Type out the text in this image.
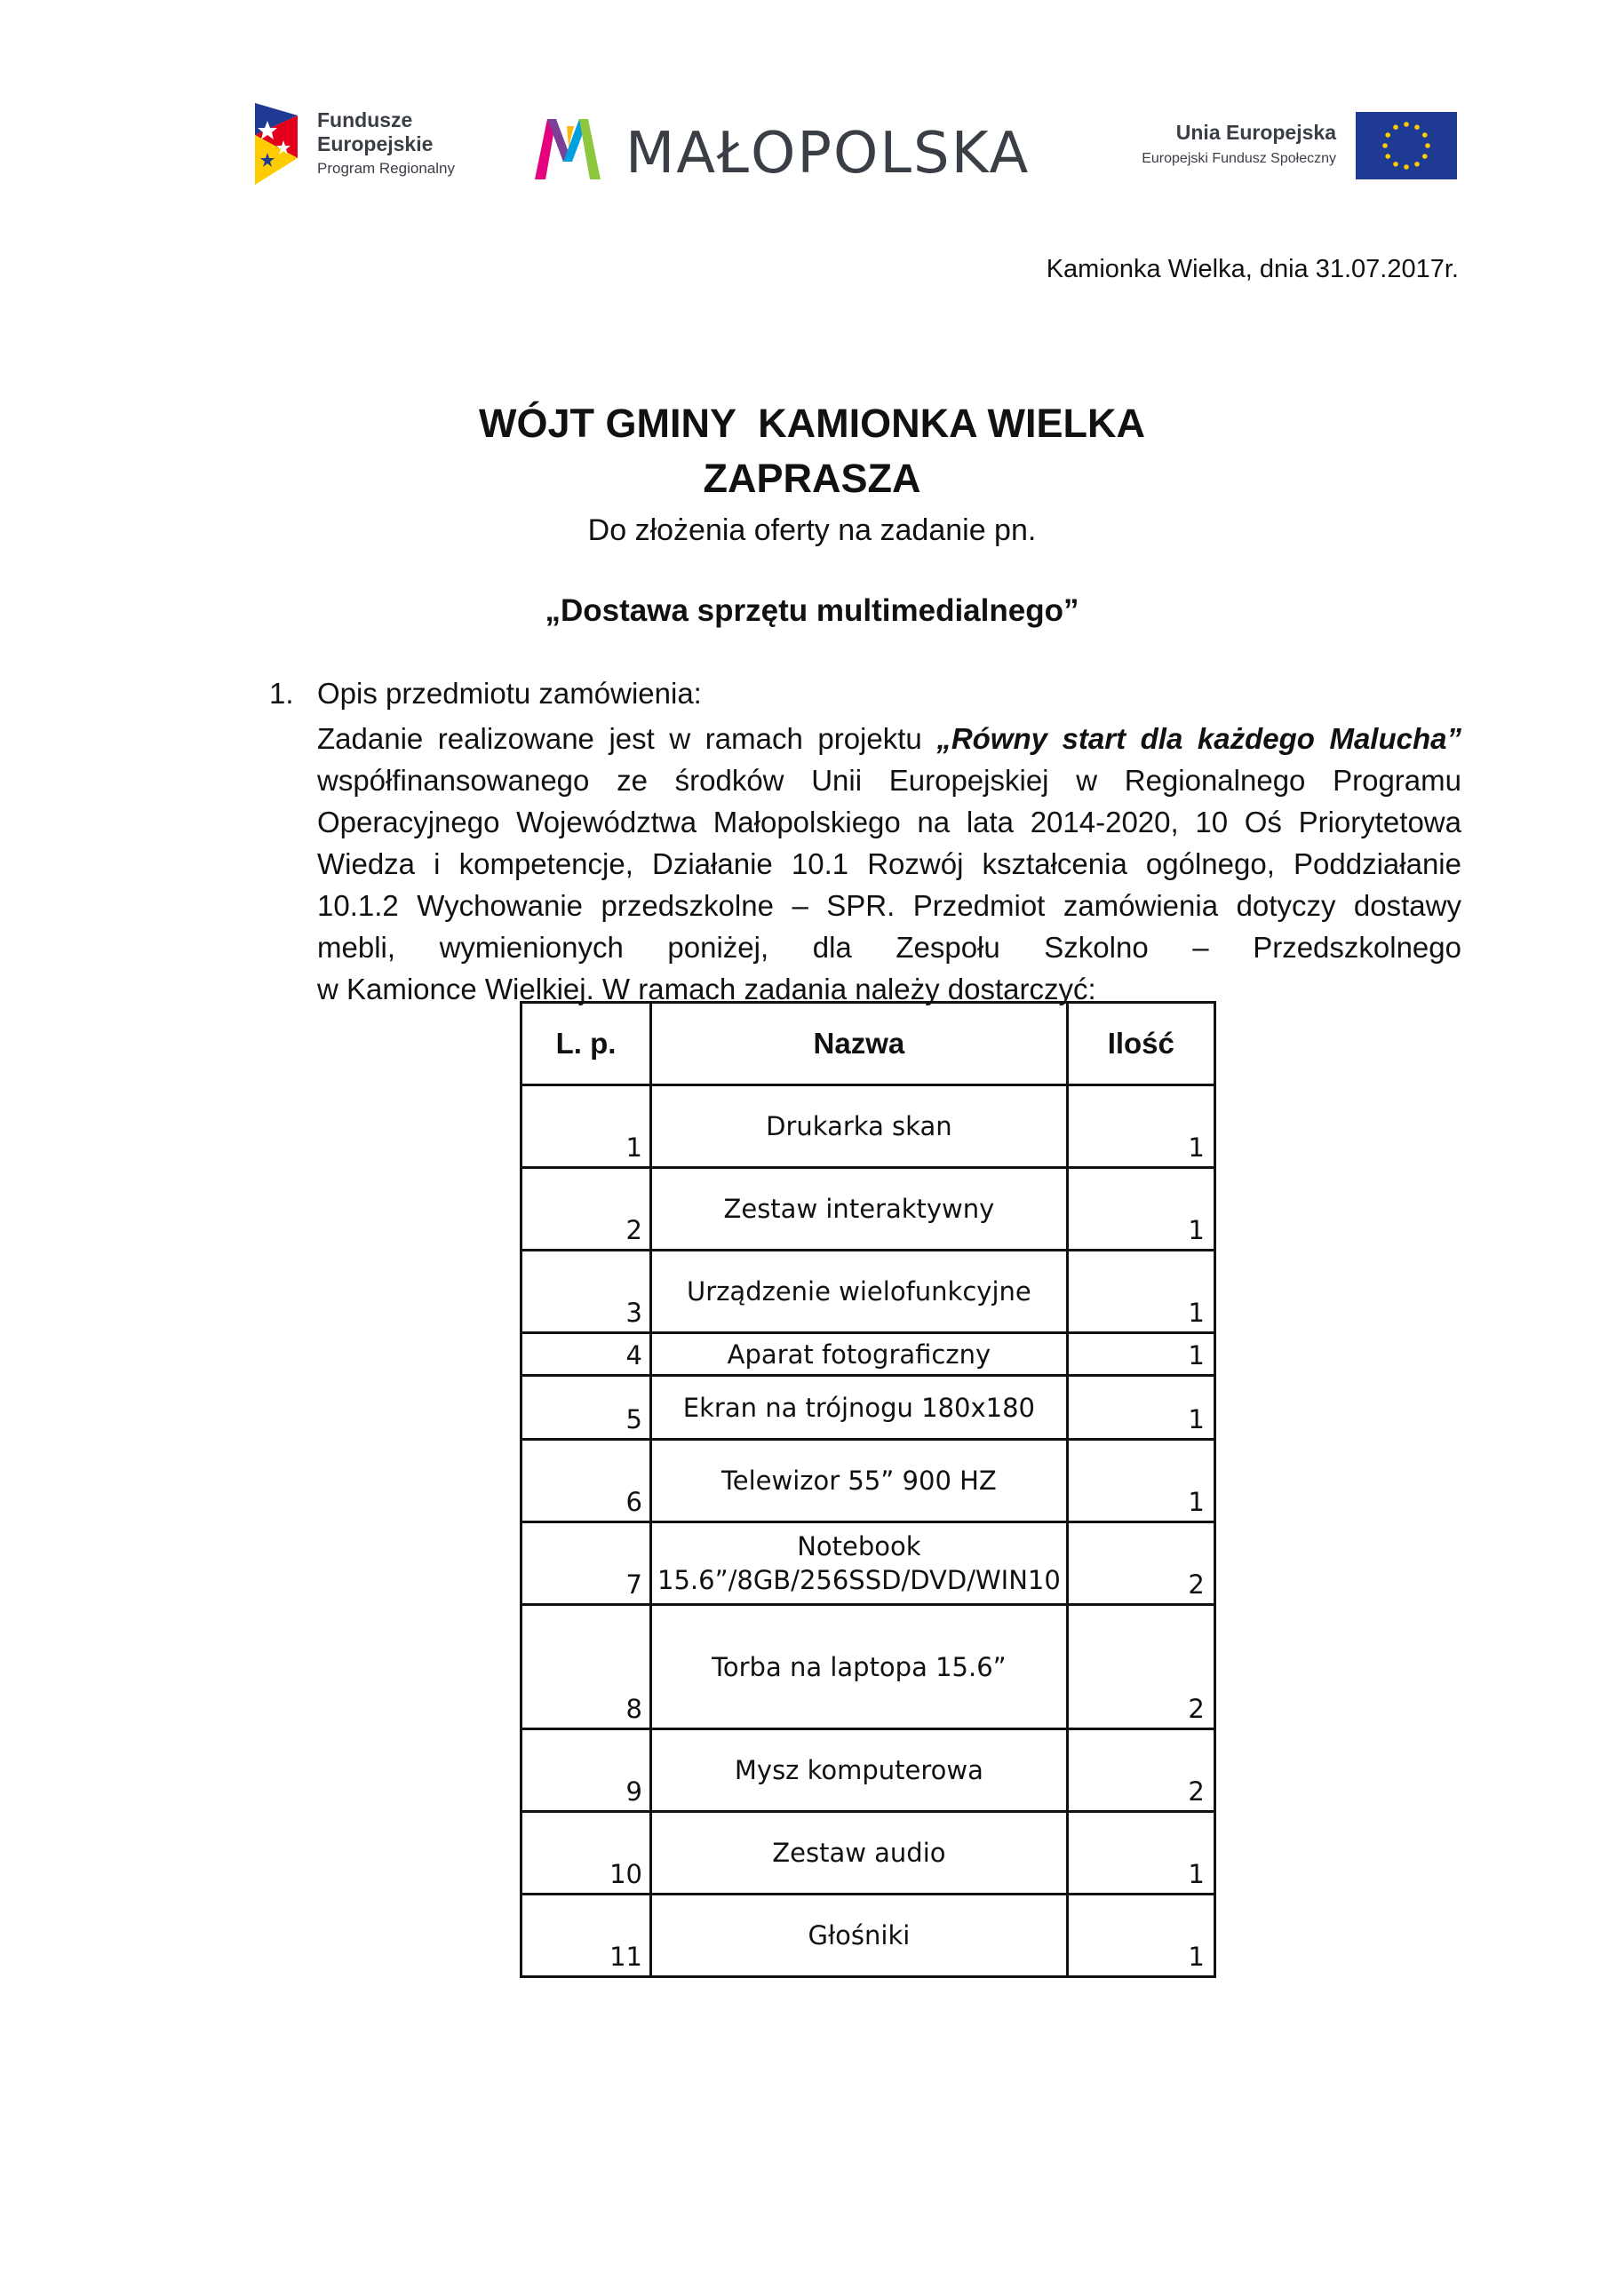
Fundusze
Europejskie
Program Regionalny	MAŁOPOLSKA	Unia Europejska
Europejski Fundusz Społeczny
Kamionka Wielka, dnia 31.07.2017r.
WÓJT GMINY  KAMIONKA WIELKA
ZAPRASZA
Do złożenia oferty na zadanie pn.
„Dostawa sprzętu multimedialnego”
1. Opis przedmiotu zamówienia:
Zadanie realizowane jest w ramach projektu „Równy start dla każdego Malucha”
współfinansowanego ze środków Unii Europejskiej w Regionalnego Programu
Operacyjnego Województwa Małopolskiego na lata 2014-2020, 10 Oś Priorytetowa
Wiedza i kompetencje, Działanie 10.1 Rozwój kształcenia ogólnego, Poddziałanie
10.1.2 Wychowanie przedszkolne – SPR. Przedmiot zamówienia dotyczy dostawy
mebli, wymienionych poniżej, dla Zespołu Szkolno – Przedszkolnego
w Kamionce Wielkiej. W ramach zadania należy dostarczyć:
L. p.	Nazwa	Ilość
1	Drukarka skan	1
2	Zestaw interaktywny	1
3	Urządzenie wielofunkcyjne	1
4	Aparat fotograficzny	1
5	Ekran na trójnogu 180x180	1
6	Telewizor 55” 900 HZ	1
7	Notebook 15.6”/8GB/256SSD/DVD/WIN10	2
8	Torba na laptopa 15.6”	2
9	Mysz komputerowa	2
10	Zestaw audio	1
11	Głośniki	1
